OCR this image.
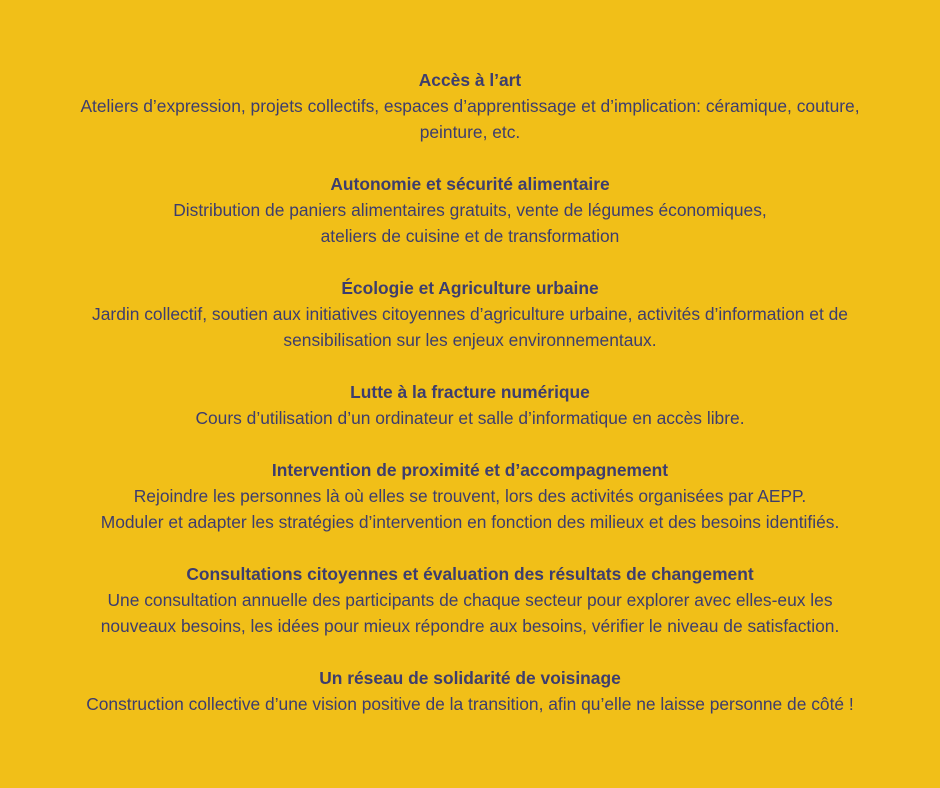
Accès à l’art
Ateliers d’expression, projets collectifs, espaces d’apprentissage et d’implication: céramique, couture,
peinture, etc.
Autonomie et sécurité alimentaire
Distribution de paniers alimentaires gratuits, vente de légumes économiques,
ateliers de cuisine et de transformation
Écologie et Agriculture urbaine
Jardin collectif, soutien aux initiatives citoyennes d’agriculture urbaine, activités d’information et de
sensibilisation sur les enjeux environnementaux.
Lutte à la fracture numérique
Cours d’utilisation d’un ordinateur et salle d’informatique en accès libre.
Intervention de proximité et d’accompagnement
Rejoindre les personnes là où elles se trouvent, lors des activités organisées par AEPP.
Moduler et adapter les stratégies d’intervention en fonction des milieux et des besoins identifiés.
Consultations citoyennes et évaluation des résultats de changement
Une consultation annuelle des participants de chaque secteur pour explorer avec elles-eux les
nouveaux besoins, les idées pour mieux répondre aux besoins, vérifier le niveau de satisfaction.
Un réseau de solidarité de voisinage
Construction collective d’une vision positive de la transition, afin qu’elle ne laisse personne de côté !
